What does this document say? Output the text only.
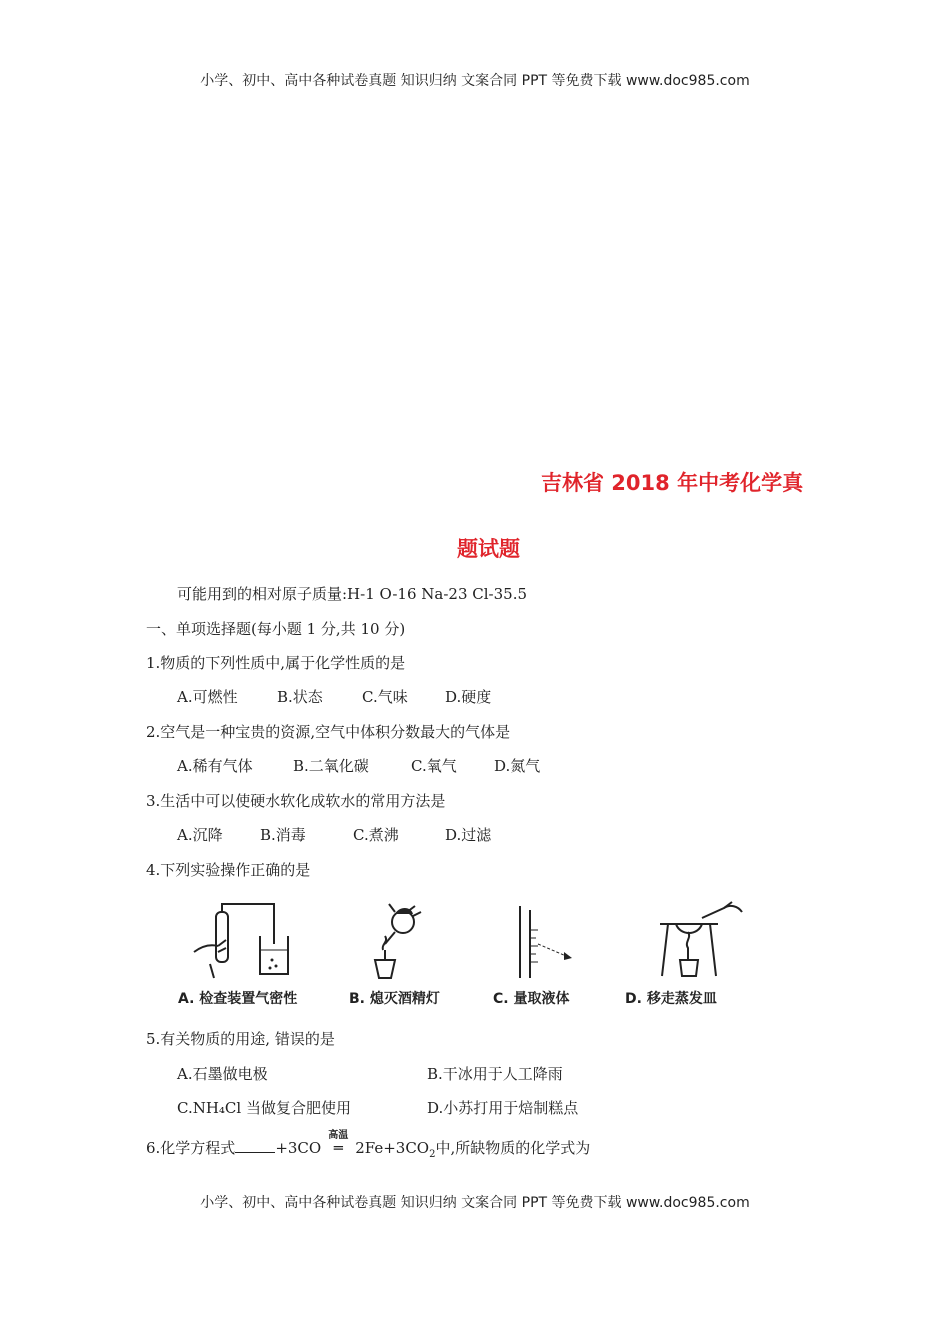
小学、初中、高中各种试卷真题 知识归纳 文案合同 PPT 等免费下载 www.doc985.com
吉林省 2018 年中考化学真
题试题
可能用到的相对原子质量:H-1 O-16 Na-23 Cl-35.5
一、单项选择题(每小题 1 分,共 10 分)
1.物质的下列性质中,属于化学性质的是
A.可燃性	B.状态	C.气味 D.硬度
2.空气是一种宝贵的资源,空气中体积分数最大的气体是
A.稀有气体	B.二氧化碳	C.氧气 D.氮气
3.生活中可以使硬水软化成软水的常用方法是
A.沉降 B.消毒	C.煮沸	D.过滤
4.下列实验操作正确的是
A. 检查装置气密性	B. 熄灭酒精灯	C. 量取液体	D. 移走蒸发皿
5.有关物质的用途, 错误的是
A.石墨做电极	B.干冰用于人工降雨
C.NH₄Cl 当做复合肥使用	D.小苏打用于焙制糕点
6.化学方程式	+3CO
高温
═ $2Fe+3CO_2$中,所缺物质的化学式为
小学、初中、高中各种试卷真题 知识归纳 文案合同 PPT 等免费下载 www.doc985.com
